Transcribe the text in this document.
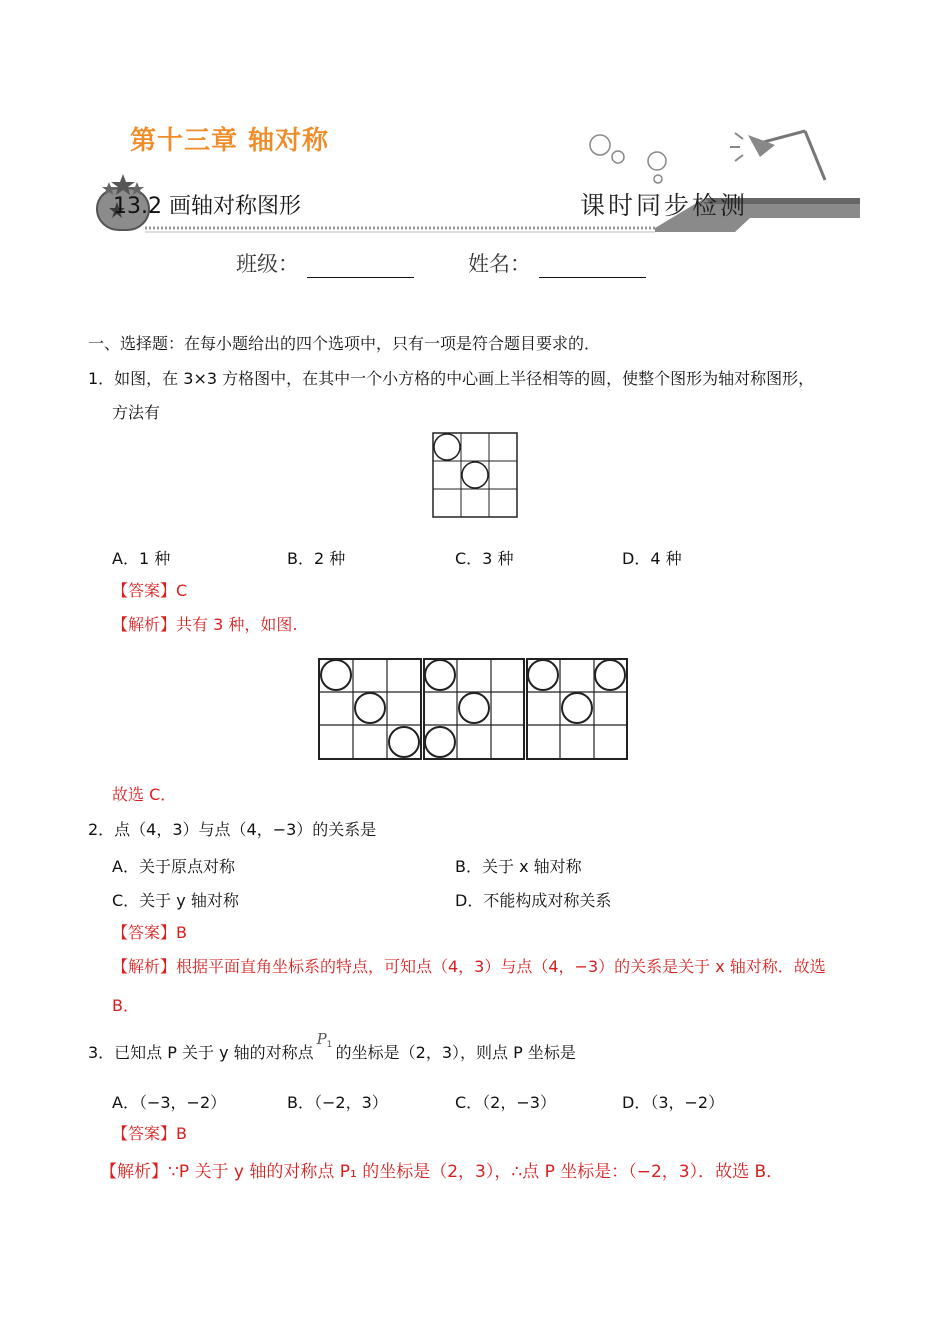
第十三章 轴对称
13.2 画轴对称图形	课时同步检测
班级：	姓名：
一、选择题：在每小题给出的四个选项中，只有一项是符合题目要求的．
1．如图，在 3×3 方格图中，在其中一个小方格的中心画上半径相等的圆，使整个图形为轴对称图形，
方法有
A．1 种	B．2 种	C．3 种	D．4 种
【答案】C
【解析】共有 3 种，如图.
故选 C．
2．点（4，3）与点（4，−3）的关系是
A．关于原点对称	B．关于 x 轴对称
C．关于 y 轴对称	D．不能构成对称关系
【答案】B
【解析】根据平面直角坐标系的特点，可知点（4，3）与点（4，−3）的关系是关于 x 轴对称．故选
B．
3．已知点 P 关于 y 轴的对称点
P 1 的坐标是（2，3），则点 P 坐标是
A．（−3，−2）	B．（−2，3）	C．（2，−3）	D．（3，−2）
【答案】B
【解析】∵P 关于 y 轴的对称点 P₁ 的坐标是（2，3），∴点 P 坐标是：（−2，3）．故选 B．
